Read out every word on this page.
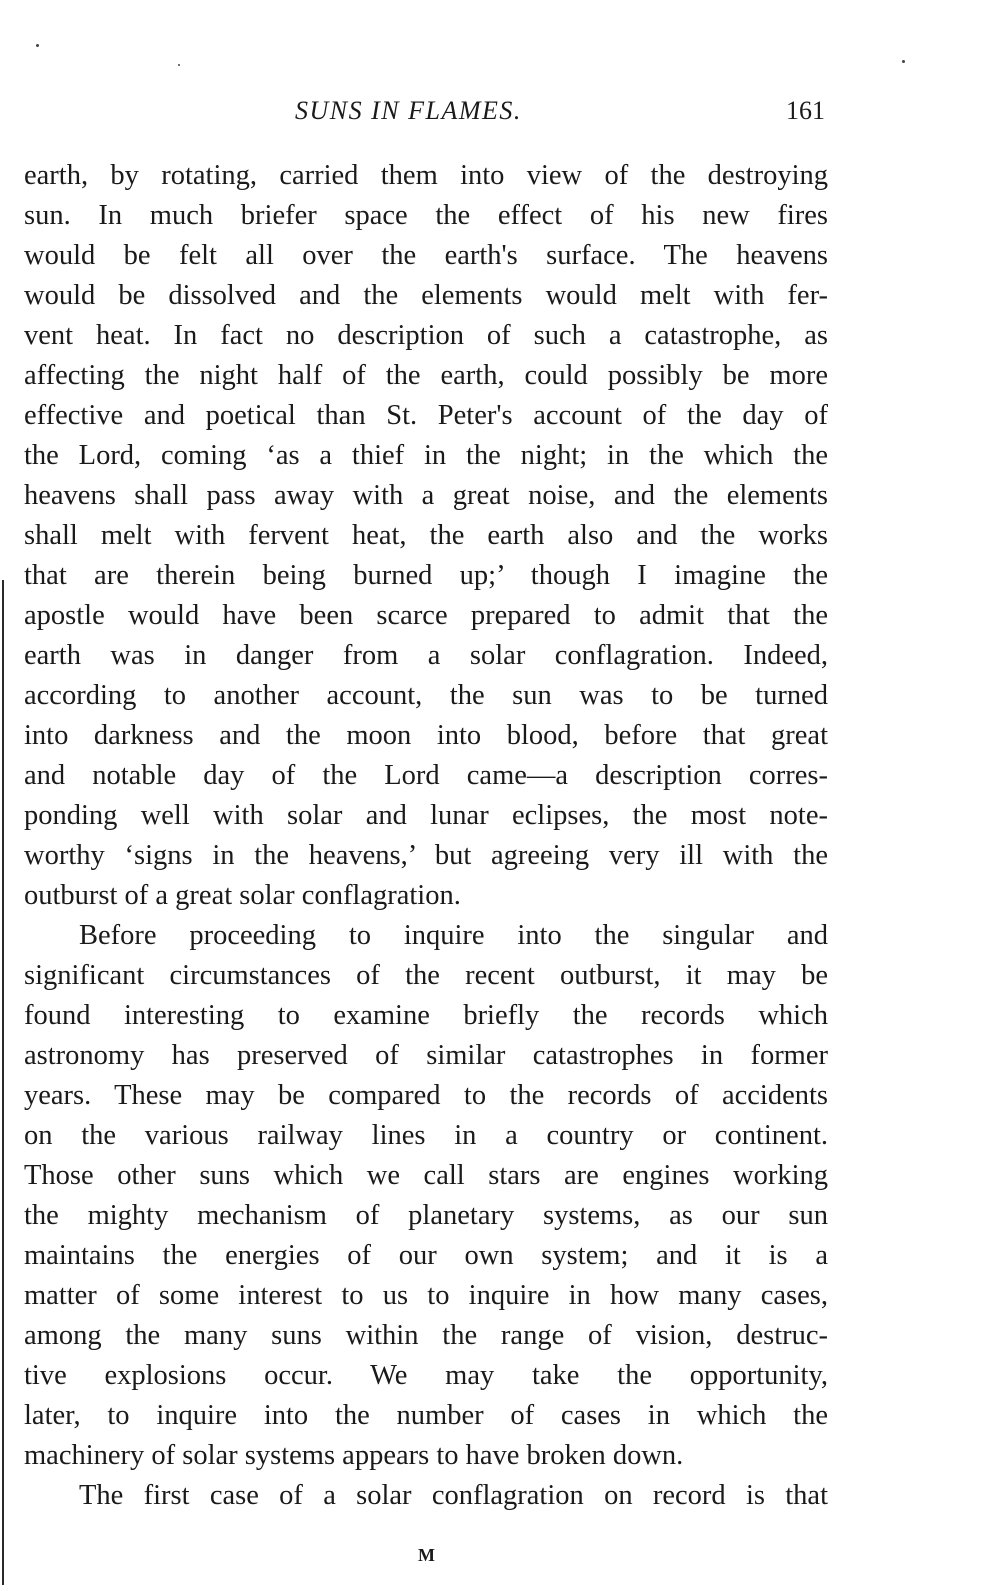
SUNS IN FLAMES.	161
earth, by rotating, carried them into view of the destroying
sun. In much briefer space the effect of his new fires
would be felt all over the earth's surface. The heavens
would be dissolved and the elements would melt with fer-
vent heat. In fact no description of such a catastrophe, as
affecting the night half of the earth, could possibly be more
effective and poetical than St. Peter's account of the day of
the Lord, coming ‘as a thief in the night; in the which the
heavens shall pass away with a great noise, and the elements
shall melt with fervent heat, the earth also and the works
that are therein being burned up;’ though I imagine the
apostle would have been scarce prepared to admit that the
earth was in danger from a solar conflagration. Indeed,
according to another account, the sun was to be turned
into darkness and the moon into blood, before that great
and notable day of the Lord came—a description corres-
ponding well with solar and lunar eclipses, the most note-
worthy ‘signs in the heavens,’ but agreeing very ill with the
outburst of a great solar conflagration.
Before proceeding to inquire into the singular and
significant circumstances of the recent outburst, it may be
found interesting to examine briefly the records which
astronomy has preserved of similar catastrophes in former
years. These may be compared to the records of accidents
on the various railway lines in a country or continent.
Those other suns which we call stars are engines working
the mighty mechanism of planetary systems, as our sun
maintains the energies of our own system; and it is a
matter of some interest to us to inquire in how many cases,
among the many suns within the range of vision, destruc-
tive explosions occur. We may take the opportunity,
later, to inquire into the number of cases in which the
machinery of solar systems appears to have broken down.
The first case of a solar conflagration on record is that
M
